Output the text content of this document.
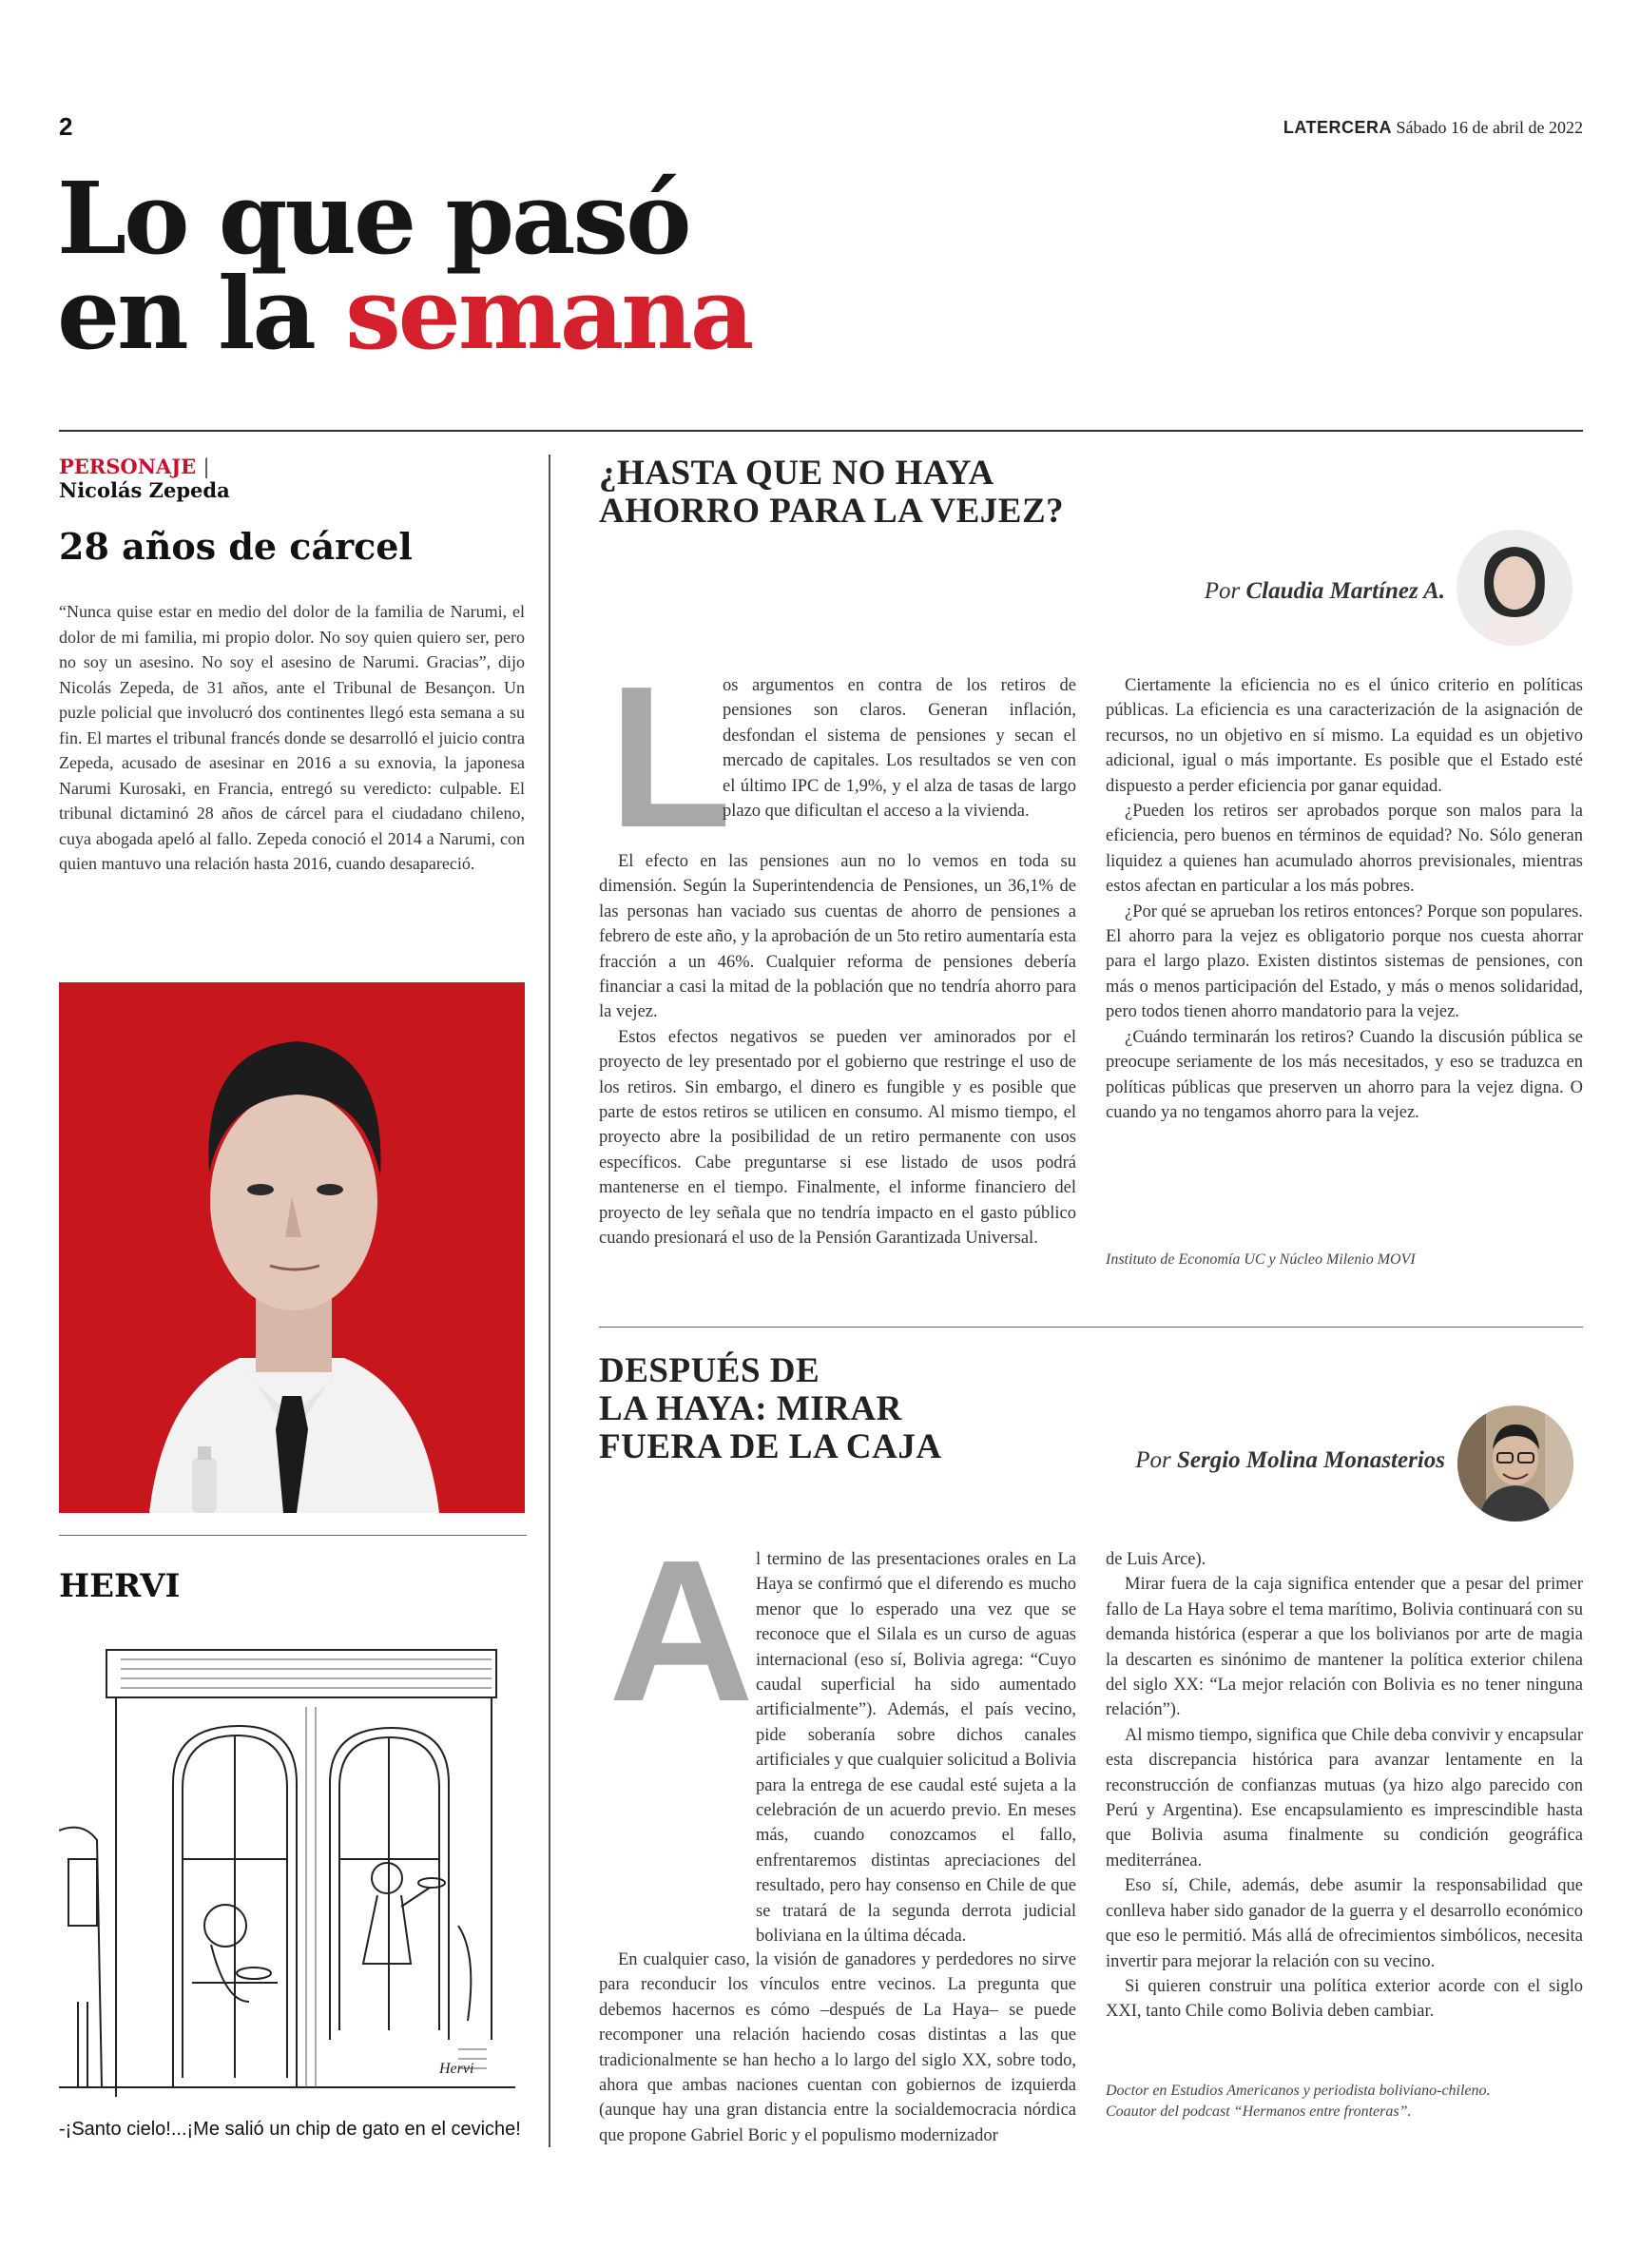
2	LATERCERA Sábado 16 de abril de 2022
Lo que pasó
en la semana
PERSONAJE |
Nicolás Zepeda
28 años de cárcel
“Nunca quise estar en medio del dolor de la familia de Narumi, el dolor de mi familia, mi propio dolor. No soy quien quiero ser, pero no soy un asesino. No soy el asesino de Narumi. Gracias”, dijo Nicolás Zepeda, de 31 años, ante el Tribunal de Besançon. Un puzle policial que involucró dos continentes llegó esta semana a su fin. El martes el tribunal francés donde se desarrolló el juicio contra Zepeda, acusado de asesinar en 2016 a su exnovia, la japonesa Narumi Kurosaki, en Francia, entregó su veredicto: culpable. El tribunal dictaminó 28 años de cárcel para el ciudadano chileno, cuya abogada apeló al fallo. Zepeda conoció el 2014 a Narumi, con quien mantuvo una relación hasta 2016, cuando desapareció.
HERVI
Hervi
-¡Santo cielo!...¡Me salió un chip de gato en el ceviche!
¿HASTA QUE NO HAYA
AHORRO PARA LA VEJEZ?
Por Claudia Martínez A.
L

os argumentos en contra de los retiros de pensiones son claros. Generan inflación, desfondan el sistema de pensiones y secan el mercado de capitales. Los resultados se ven con el último IPC de 1,9%, y el alza de tasas de largo plazo que dificultan el acceso a la vivienda.

El efecto en las pensiones aun no lo vemos en toda su dimensión. Según la Superintendencia de Pensiones, un 36,1% de las personas han vaciado sus cuentas de ahorro de pensiones a febrero de este año, y la aprobación de un 5to retiro aumentaría esta fracción a un 46%. Cualquier reforma de pensiones debería financiar a casi la mitad de la población que no tendría ahorro para la vejez.

Estos efectos negativos se pueden ver aminorados por el proyecto de ley presentado por el gobierno que restringe el uso de los retiros. Sin embargo, el dinero es fungible y es posible que parte de estos retiros se utilicen en consumo. Al mismo tiempo, el proyecto abre la posibilidad de un retiro permanente con usos específicos. Cabe preguntarse si ese listado de usos podrá mantenerse en el tiempo. Finalmente, el informe financiero del proyecto de ley señala que no tendría impacto en el gasto público cuando presionará el uso de la Pensión Garantizada Universal.

Ciertamente la eficiencia no es el único criterio en políticas públicas. La eficiencia es una caracterización de la asignación de recursos, no un objetivo en sí mismo. La equidad es un objetivo adicional, igual o más importante. Es posible que el Estado esté dispuesto a perder eficiencia por ganar equidad.

¿Pueden los retiros ser aprobados porque son malos para la eficiencia, pero buenos en términos de equidad? No. Sólo generan liquidez a quienes han acumulado ahorros previsionales, mientras estos afectan en particular a los más pobres.

¿Por qué se aprueban los retiros entonces? Porque son populares. El ahorro para la vejez es obligatorio porque nos cuesta ahorrar para el largo plazo. Existen distintos sistemas de pensiones, con más o menos participación del Estado, y más o menos solidaridad, pero todos tienen ahorro mandatorio para la vejez.

¿Cuándo terminarán los retiros? Cuando la discusión pública se preocupe seriamente de los más necesitados, y eso se traduzca en políticas públicas que preserven un ahorro para la vejez digna. O cuando ya no tengamos ahorro para la vejez.

Instituto de Economía UC y Núcleo Milenio MOVI
DESPUÉS DE
LA HAYA: MIRAR
FUERA DE LA CAJA	Por Sergio Molina Monasterios
A l termino de las presentaciones orales en La Haya se confirmó que el diferendo es mucho menor que lo esperado una vez que se reconoce que el Silala es un curso de aguas internacional (eso sí, Bolivia agrega: “Cuyo caudal superficial ha sido aumentado artificialmente”). Además, el país vecino, pide soberanía sobre dichos canales artificiales y que cualquier solicitud a Bolivia para la entrega de ese caudal esté sujeta a la celebración de un acuerdo previo. En meses más, cuando conozcamos el fallo, enfrentaremos distintas apreciaciones del resultado, pero hay consenso en Chile de que se tratará de la segunda derrota judicial boliviana en la última década.

de Luis Arce).

Mirar fuera de la caja significa entender que a pesar del primer fallo de La Haya sobre el tema marítimo, Bolivia continuará con su demanda histórica (esperar a que los bolivianos por arte de magia la descarten es sinónimo de mantener la política exterior chilena del siglo XX: “La mejor relación con Bolivia es no tener ninguna relación”).

Al mismo tiempo, significa que Chile deba convivir y encapsular esta discrepancia histórica para avanzar lentamente en la reconstrucción de confianzas mutuas (ya hizo algo parecido con Perú y Argentina). Ese encapsulamiento es imprescindible hasta que Bolivia asuma finalmente su condición geográfica mediterránea.

Eso sí, Chile, además, debe asumir la responsabilidad que conlleva haber sido ganador de la guerra y el desarrollo económico que eso le permitió. Más allá de ofrecimientos simbólicos, necesita invertir para mejorar la relación con su vecino.

Si quieren construir una política exterior acorde con el siglo XXI, tanto Chile como Bolivia deben cambiar.

En cualquier caso, la visión de ganadores y perdedores no sirve para reconducir los vínculos entre vecinos. La pregunta que debemos hacernos es cómo –después de La Haya– se puede recomponer una relación haciendo cosas distintas a las que tradicionalmente se han hecho a lo largo del siglo XX, sobre todo, ahora que ambas naciones cuentan con gobiernos de izquierda (aunque hay una gran distancia entre la socialdemocracia nórdica que propone Gabriel Boric y el populismo modernizador

Doctor en Estudios Americanos y periodista boliviano-chileno.
Coautor del podcast “Hermanos entre fronteras”.
